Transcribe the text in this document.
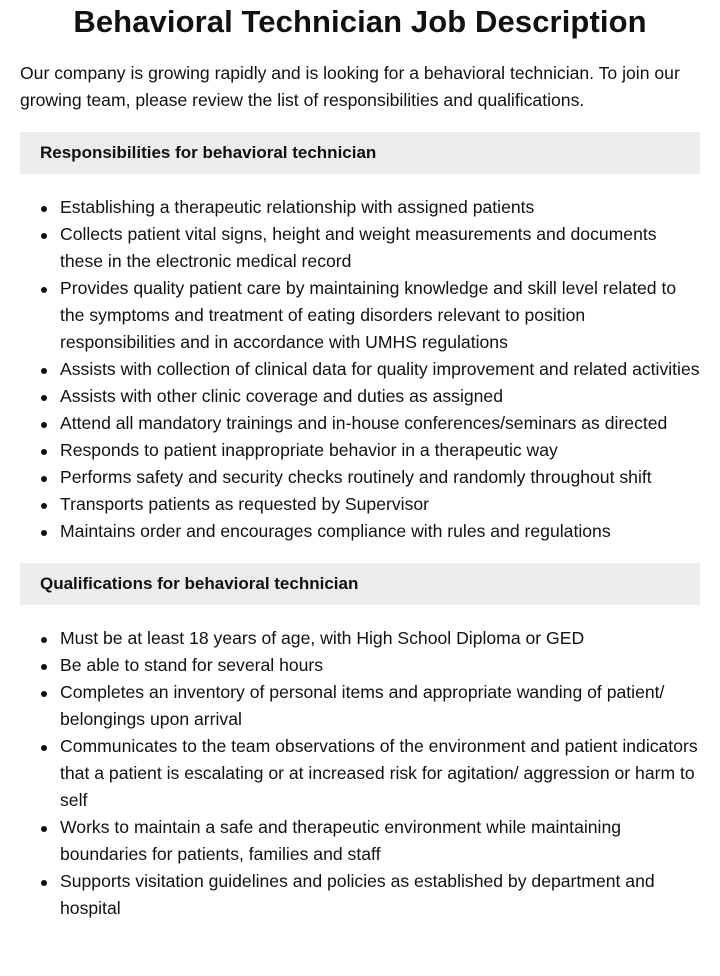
Behavioral Technician Job Description

Our company is growing rapidly and is looking for a behavioral technician. To join our growing team, please review the list of responsibilities and qualifications.

Responsibilities for behavioral technician
Establishing a therapeutic relationship with assigned patients
Collects patient vital signs, height and weight measurements and documents these in the electronic medical record
Provides quality patient care by maintaining knowledge and skill level related to the symptoms and treatment of eating disorders relevant to position responsibilities and in accordance with UMHS regulations
Assists with collection of clinical data for quality improvement and related activities
Assists with other clinic coverage and duties as assigned
Attend all mandatory trainings and in-house conferences/seminars as directed
Responds to patient inappropriate behavior in a therapeutic way
Performs safety and security checks routinely and randomly throughout shift
Transports patients as requested by Supervisor
Maintains order and encourages compliance with rules and regulations
Qualifications for behavioral technician
Must be at least 18 years of age, with High School Diploma or GED
Be able to stand for several hours
Completes an inventory of personal items and appropriate wanding of patient/ belongings upon arrival
Communicates to the team observations of the environment and patient indicators that a patient is escalating or at increased risk for agitation/ aggression or harm to self
Works to maintain a safe and therapeutic environment while maintaining boundaries for patients, families and staff
Supports visitation guidelines and policies as established by department and hospital
